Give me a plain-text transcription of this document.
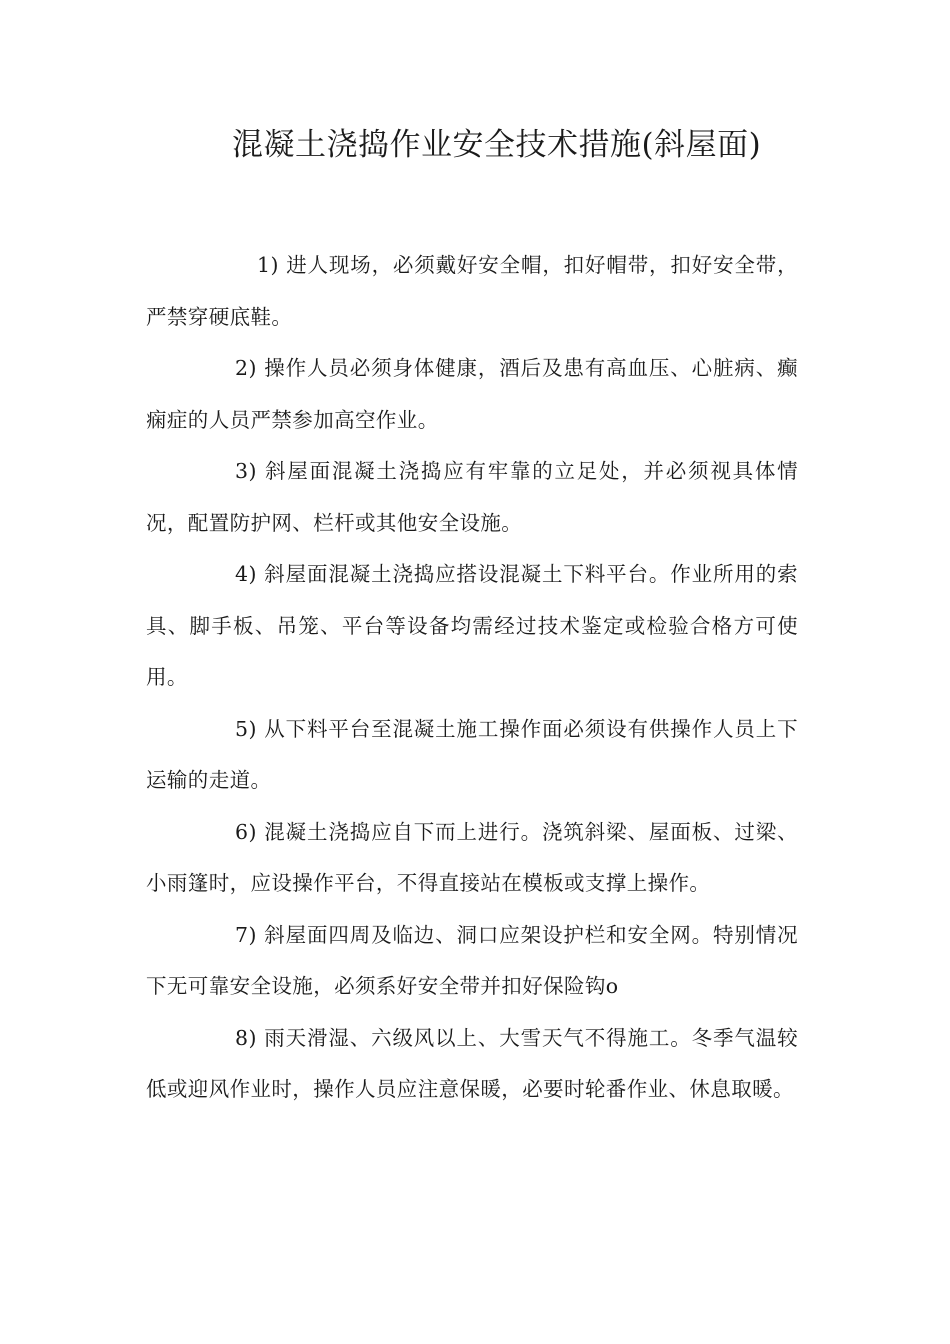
混凝土浇捣作业安全技术措施(斜屋面)

1) 进人现场，必须戴好安全帽，扣好帽带，扣好安全带，严禁穿硬底鞋。

2) 操作人员必须身体健康，酒后及患有高血压、心脏病、癫痫症的人员严禁参加高空作业。

3) 斜屋面混凝土浇捣应有牢靠的立足处，并必须视具体情况，配置防护网、栏杆或其他安全设施。

4) 斜屋面混凝土浇捣应搭设混凝土下料平台。作业所用的索具、脚手板、吊笼、平台等设备均需经过技术鉴定或检验合格方可使用。

5) 从下料平台至混凝土施工操作面必须设有供操作人员上下运输的走道。

6) 混凝土浇捣应自下而上进行。浇筑斜梁、屋面板、过梁、小雨篷时，应设操作平台，不得直接站在模板或支撑上操作。

7) 斜屋面四周及临边、洞口应架设护栏和安全网。特别情况下无可靠安全设施，必须系好安全带并扣好保险钩o

8) 雨天滑湿、六级风以上、大雪天气不得施工。冬季气温较低或迎风作业时，操作人员应注意保暖，必要时轮番作业、休息取暖。
